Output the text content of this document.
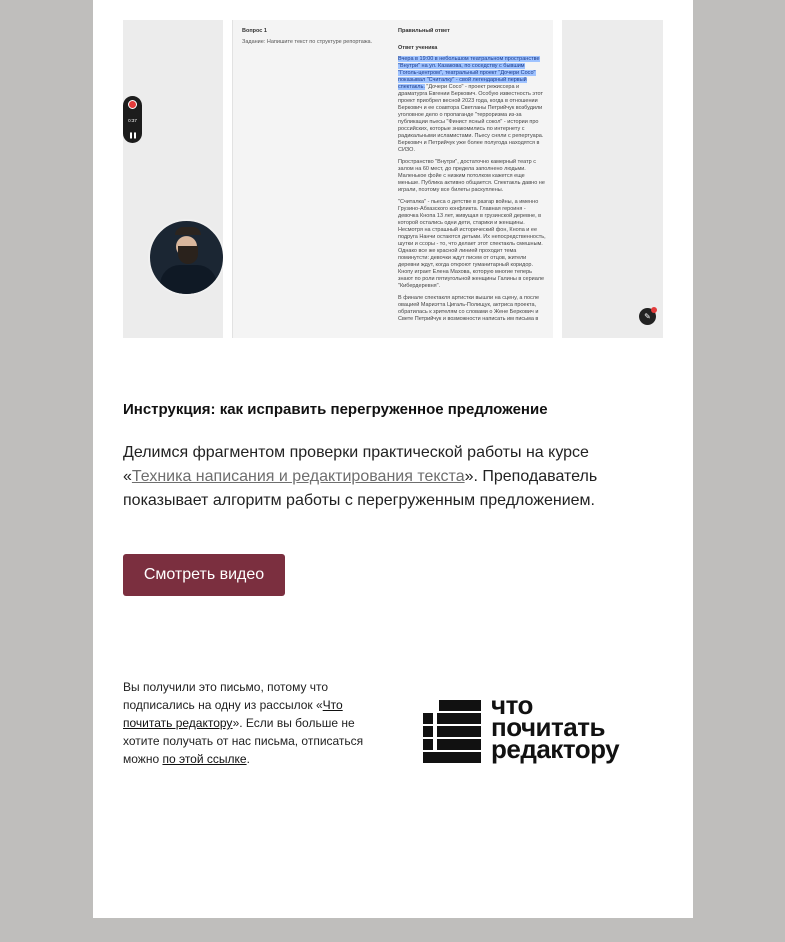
0:37
❚❚
Вопрос 1
Задание: Напишите текст по структуре репортажа.
Правильный ответ
Ответ ученика

Вчера в 19:00 в небольшом театральном пространстве "Внутри" на ул. Казакова, по соседству с бывшим "Гоголь-центром", театральный проект "Дочери Сосо" показывал "Считалку" - свой легендарный первый спектакль. "Дочери Сосо" - проект режиссера и драматурга Евгении Беркович. Особую известность этот проект приобрел весной 2023 года, когда в отношении Беркович и ее соавтора Светланы Петрийчук возбудили уголовное дело о пропаганде "терроризма из-за публикации пьесы "Финист ясный сокол" - истории про российских, которые знакомились по интернету с радикальными исламистами. Пьесу сняли с репертуара. Беркович и Петрийчук уже более полугода находятся в СИЗО.

Пространство "Внутри", достаточно камерный театр с залом на 60 мест, до предела заполнено людьми. Маленькое фойе с низким потолком кажется еще меньше. Публика активно общается. Спектакль давно не играли, поэтому все билеты раскуплены.

"Считалка" - пьеса о детстве в разгар войны, а именно Грузино-Абхазского конфликта. Главная героиня - девочка Кнопа 13 лет, живущая в грузинской деревне, в которой остались одни дети, старики и женщины. Несмотря на страшный исторический фон, Кнопа и ее подруга Нанчи остаются детьми. Их непосредственность, шутки и ссоры - то, что делает этот спектакль смешным. Однако все же красной линией проходит тема поминутсти: девочки ждут писем от отцов, жители деревни ждут, когда откроют гуманитарный коридор. Кнопу играет Елена Махова, которую многие теперь знают по роли пятиугольной женщины Галины в сериале "Кибердеревня".

В финале спектакля артистки вышли на сцену, а после овацией Мариэтта Цигаль-Полищук, актриса проекта, обратилась к зрителям со словами о Жене Беркович и Свете Петрийчук и возможности написать им письма в	✎
Инструкция: как исправить перегруженное предложение
Делимся фрагментом проверки практической работы на курсе «Техника написания и редактирования текста». Преподаватель показывает алгоритм работы с перегруженным предложением.
Смотреть видео
Вы получили это письмо, потому что подписались на одну из рассылок «Что почитать редактору». Если вы больше не хотите получать от нас письма, отписаться можно по этой ссылке.
что
почитать
редактору
